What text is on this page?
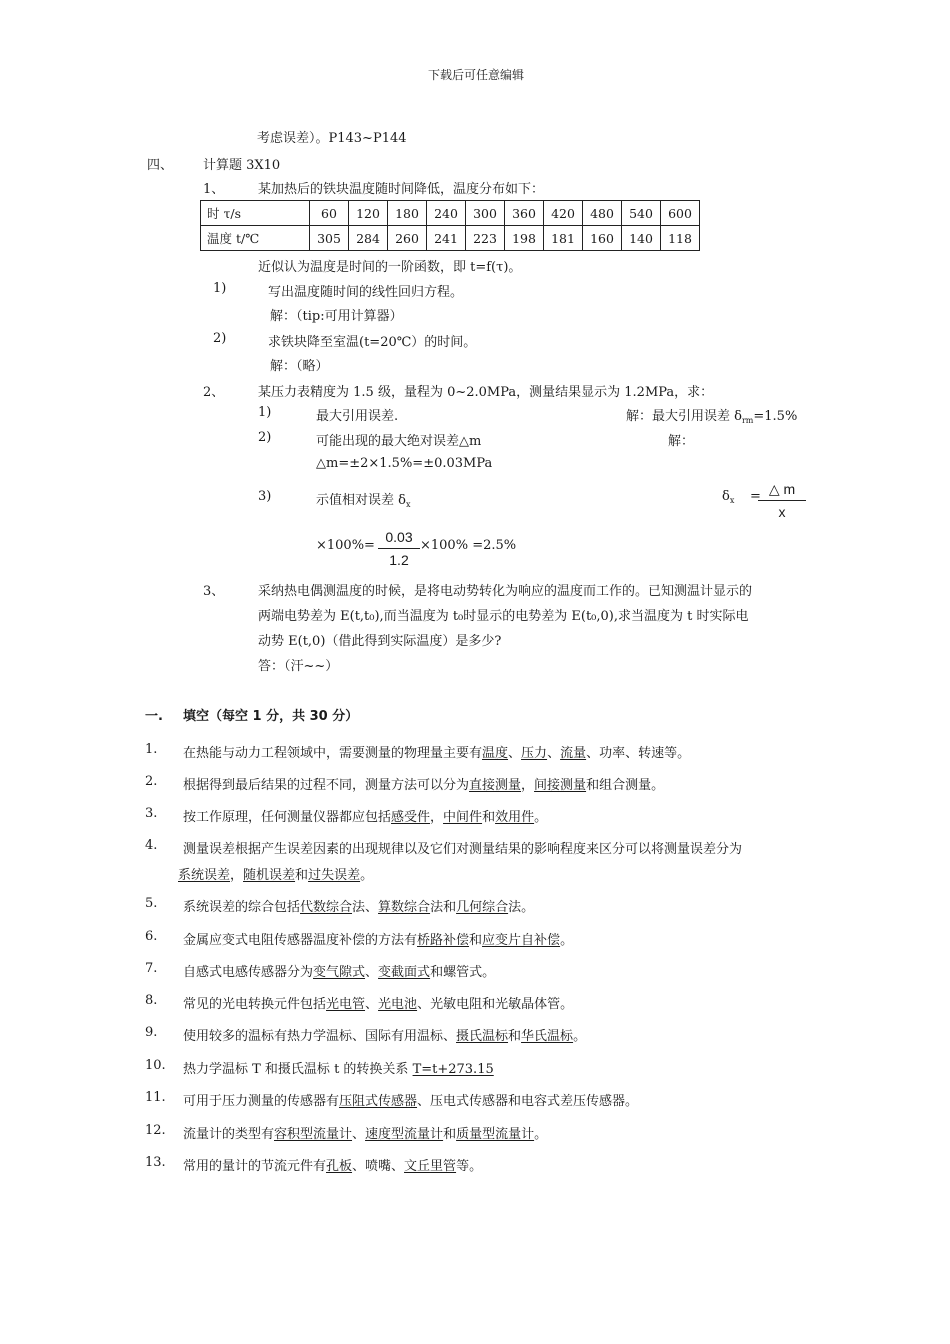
下载后可任意编辑
考虑误差）。P143~P144
四、 计算题 3X10
1、	某加热后的铁块温度随时间降低，温度分布如下：
时 τ/s	60	120	180	240	300	360	420	480	540	600
温度 t/℃	305	284	260	241	223	198	181	160	140	118
近似认为温度是时间的一阶函数，即 t=f(τ)。
1)	写出温度随时间的线性回归方程。
解：（tip:可用计算器）
2)	求铁块降至室温(t=20℃）的时间。
解：（略）
2、	某压力表精度为 1.5 级，量程为 0~2.0MPa，测量结果显示为 1.2MPa，求：
1)	最大引用误差.	解：最大引用误差 $\delta_{rm}=1.5\%$
2)	可能出现的最大绝对误差△m	解：
△m=±2×1.5%=±0.03MPa
3)	示值相对误差 $\delta_x$
$\delta_x$ = △ m
x
×100%=
0.03
1.2
×100% =2.5%
3、	采纳热电偶测温度的时候，是将电动势转化为响应的温度而工作的。已知测温计显示的
两端电势差为 E(t,t₀),而当温度为 t₀时显示的电势差为 E(t₀,0),求当温度为 t 时实际电
动势 E(t,0)（借此得到实际温度）是多少?
答：（汗~~）
一. 填空（每空 1 分，共 30 分）
1. 在热能与动力工程领域中，需要测量的物理量主要有温度、压力、流量、功率、转速等。
2. 根据得到最后结果的过程不同，测量方法可以分为直接测量，间接测量和组合测量。
3. 按工作原理，任何测量仪器都应包括感受件，中间件和效用件。
4. 测量误差根据产生误差因素的出现规律以及它们对测量结果的影响程度来区分可以将测量误差分为
系统误差，随机误差和过失误差。
5. 系统误差的综合包括代数综合法、算数综合法和几何综合法。
6. 金属应变式电阻传感器温度补偿的方法有桥路补偿和应变片自补偿。
7. 自感式电感传感器分为变气隙式、变截面式和螺管式。
8. 常见的光电转换元件包括光电管、光电池、光敏电阻和光敏晶体管。
9. 使用较多的温标有热力学温标、国际有用温标、摄氏温标和华氏温标。
10. 热力学温标 T 和摄氏温标 t 的转换关系 T=t+273.15
11. 可用于压力测量的传感器有压阻式传感器、压电式传感器和电容式差压传感器。
12. 流量计的类型有容积型流量计、速度型流量计和质量型流量计。
13. 常用的量计的节流元件有孔板、喷嘴、文丘里管等。
